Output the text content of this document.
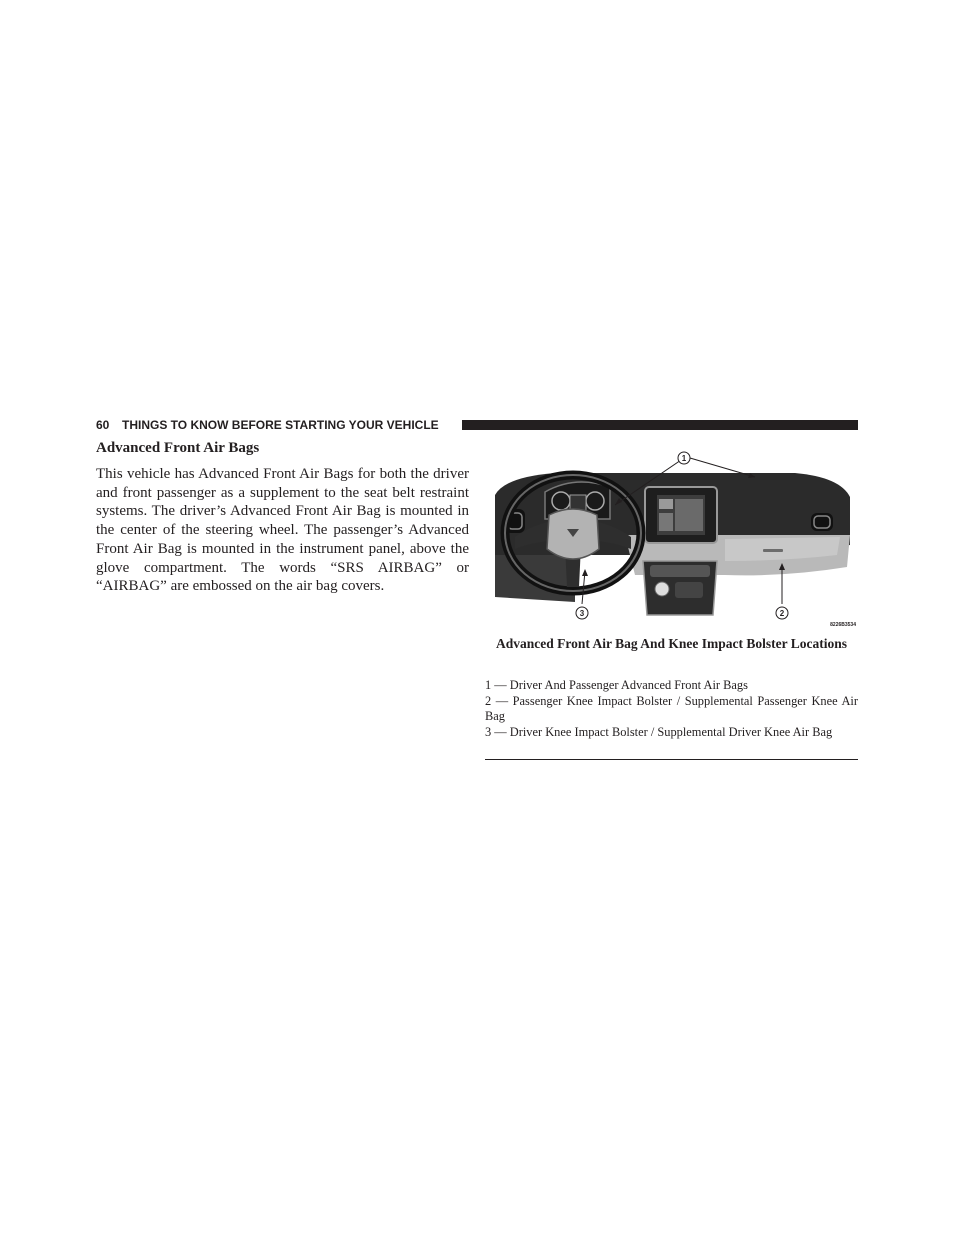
60 THINGS TO KNOW BEFORE STARTING YOUR VEHICLE
Advanced Front Air Bags

This vehicle has Advanced Front Air Bags for both the driver and front passenger as a supplement to the seat belt restraint systems. The driver’s Advanced Front Air Bag is mounted in the center of the steering wheel. The passenger’s Advanced Front Air Bag is mounted in the instrument panel, above the glove compartment. The words “SRS AIRBAG” or “AIRBAG” are embossed on the air bag covers.

1
2
3
8226B3534

Advanced Front Air Bag And Knee Impact Bolster Locations

1 — Driver And Passenger Advanced Front Air Bags

2 — Passenger Knee Impact Bolster / Supplemental Passenger Knee Air Bag

3 — Driver Knee Impact Bolster / Supplemental Driver Knee Air Bag
